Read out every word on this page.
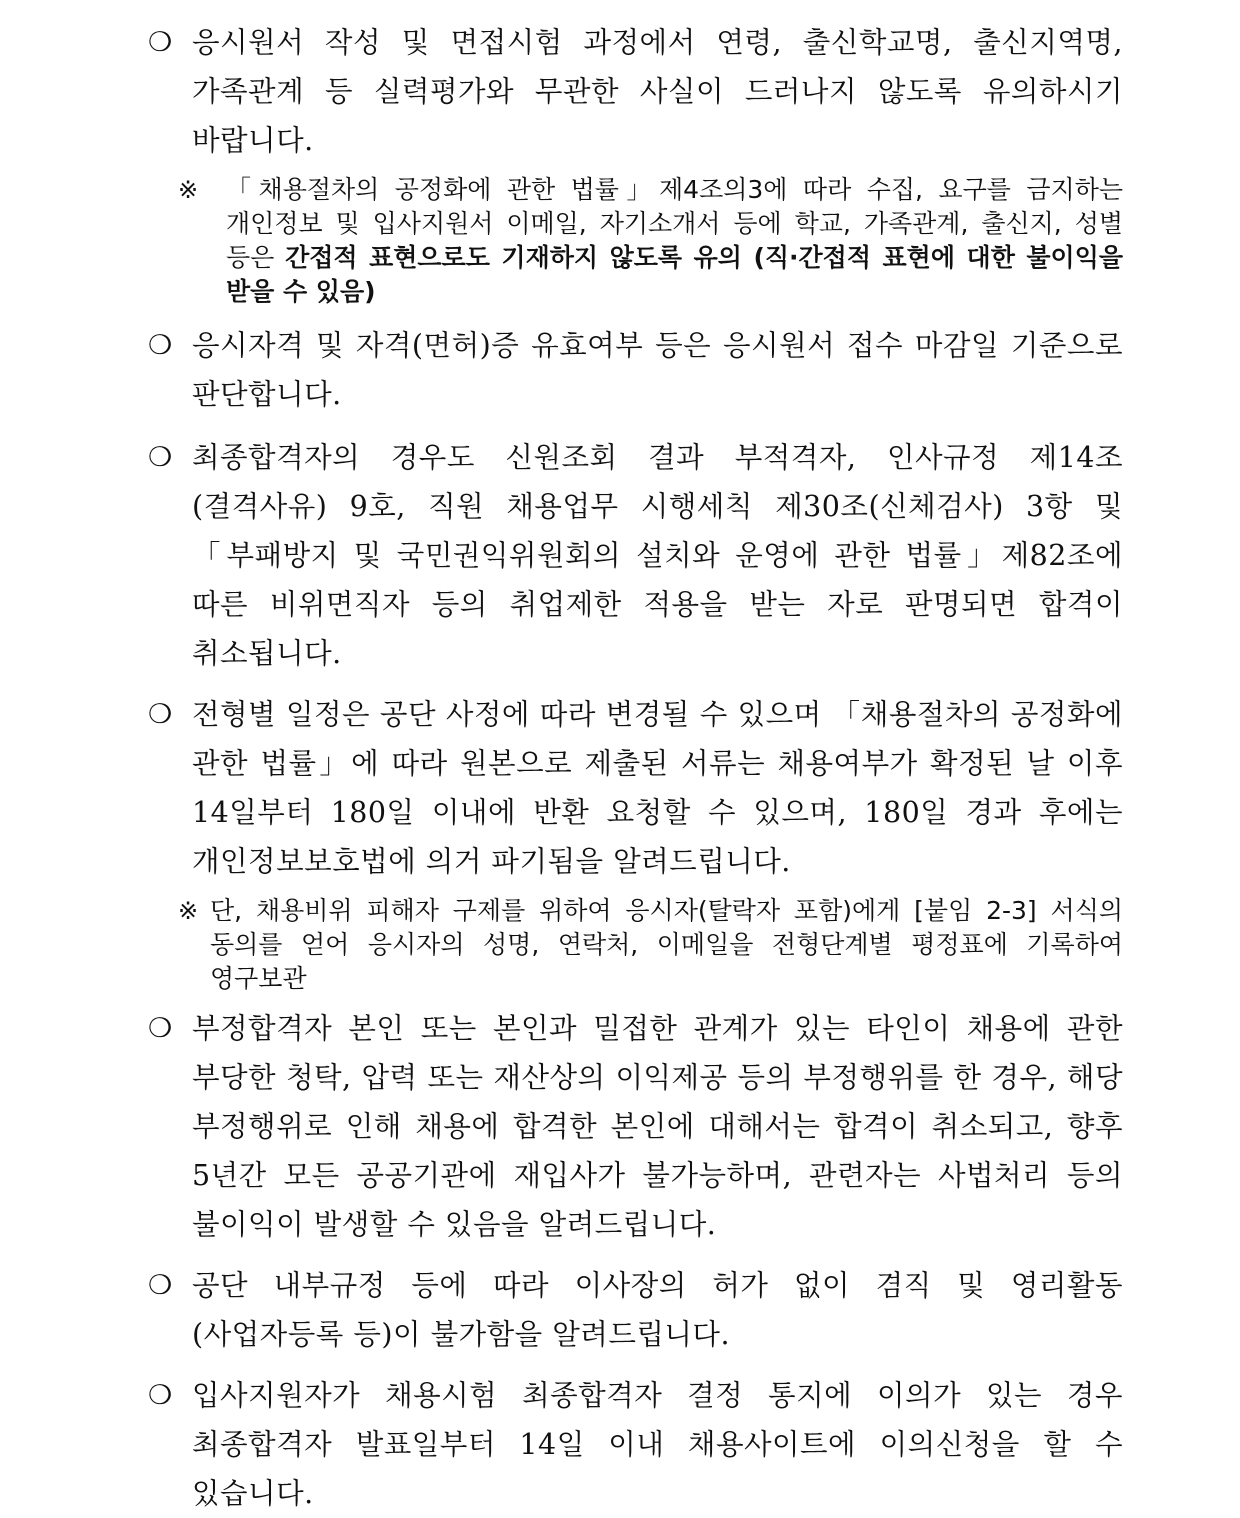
❍ 응시원서 작성 및 면접시험 과정에서 연령, 출신학교명, 출신지역명, 가족관계 등 실력평가와 무관한 사실이 드러나지 않도록 유의하시기 바랍니다.
※ 「채용절차의 공정화에 관한 법률」제4조의3에 따라 수집, 요구를 금지하는 개인정보 및 입사지원서 이메일, 자기소개서 등에 학교, 가족관계, 출신지, 성별 등은 간접적 표현으로도 기재하지 않도록 유의 (직·간접적 표현에 대한 불이익을 받을 수 있음)
❍ 응시자격 및 자격(면허)증 유효여부 등은 응시원서 접수 마감일 기준으로 판단합니다.
❍ 최종합격자의 경우도 신원조회 결과 부적격자, 인사규정 제14조(결격사유) 9호, 직원 채용업무 시행세칙 제30조(신체검사) 3항 및「부패방지 및 국민권익위원회의 설치와 운영에 관한 법률」제82조에 따른 비위면직자 등의 취업제한 적용을 받는 자로 판명되면 합격이 취소됩니다.
❍ 전형별 일정은 공단 사정에 따라 변경될 수 있으며 「채용절차의 공정화에 관한 법률」에 따라 원본으로 제출된 서류는 채용여부가 확정된 날 이후 14일부터 180일 이내에 반환 요청할 수 있으며, 180일 경과 후에는 개인정보보호법에 의거 파기됨을 알려드립니다.
※ 단, 채용비위 피해자 구제를 위하여 응시자(탈락자 포함)에게 [붙임 2-3] 서식의 동의를 얻어 응시자의 성명, 연락처, 이메일을 전형단계별 평정표에 기록하여 영구보관
❍ 부정합격자 본인 또는 본인과 밀접한 관계가 있는 타인이 채용에 관한 부당한 청탁, 압력 또는 재산상의 이익제공 등의 부정행위를 한 경우, 해당 부정행위로 인해 채용에 합격한 본인에 대해서는 합격이 취소되고, 향후 5년간 모든 공공기관에 재입사가 불가능하며, 관련자는 사법처리 등의 불이익이 발생할 수 있음을 알려드립니다.
❍ 공단 내부규정 등에 따라 이사장의 허가 없이 겸직 및 영리활동(사업자등록 등)이 불가함을 알려드립니다.
❍ 입사지원자가 채용시험 최종합격자 결정 통지에 이의가 있는 경우 최종합격자 발표일부터 14일 이내 채용사이트에 이의신청을 할 수 있습니다.
